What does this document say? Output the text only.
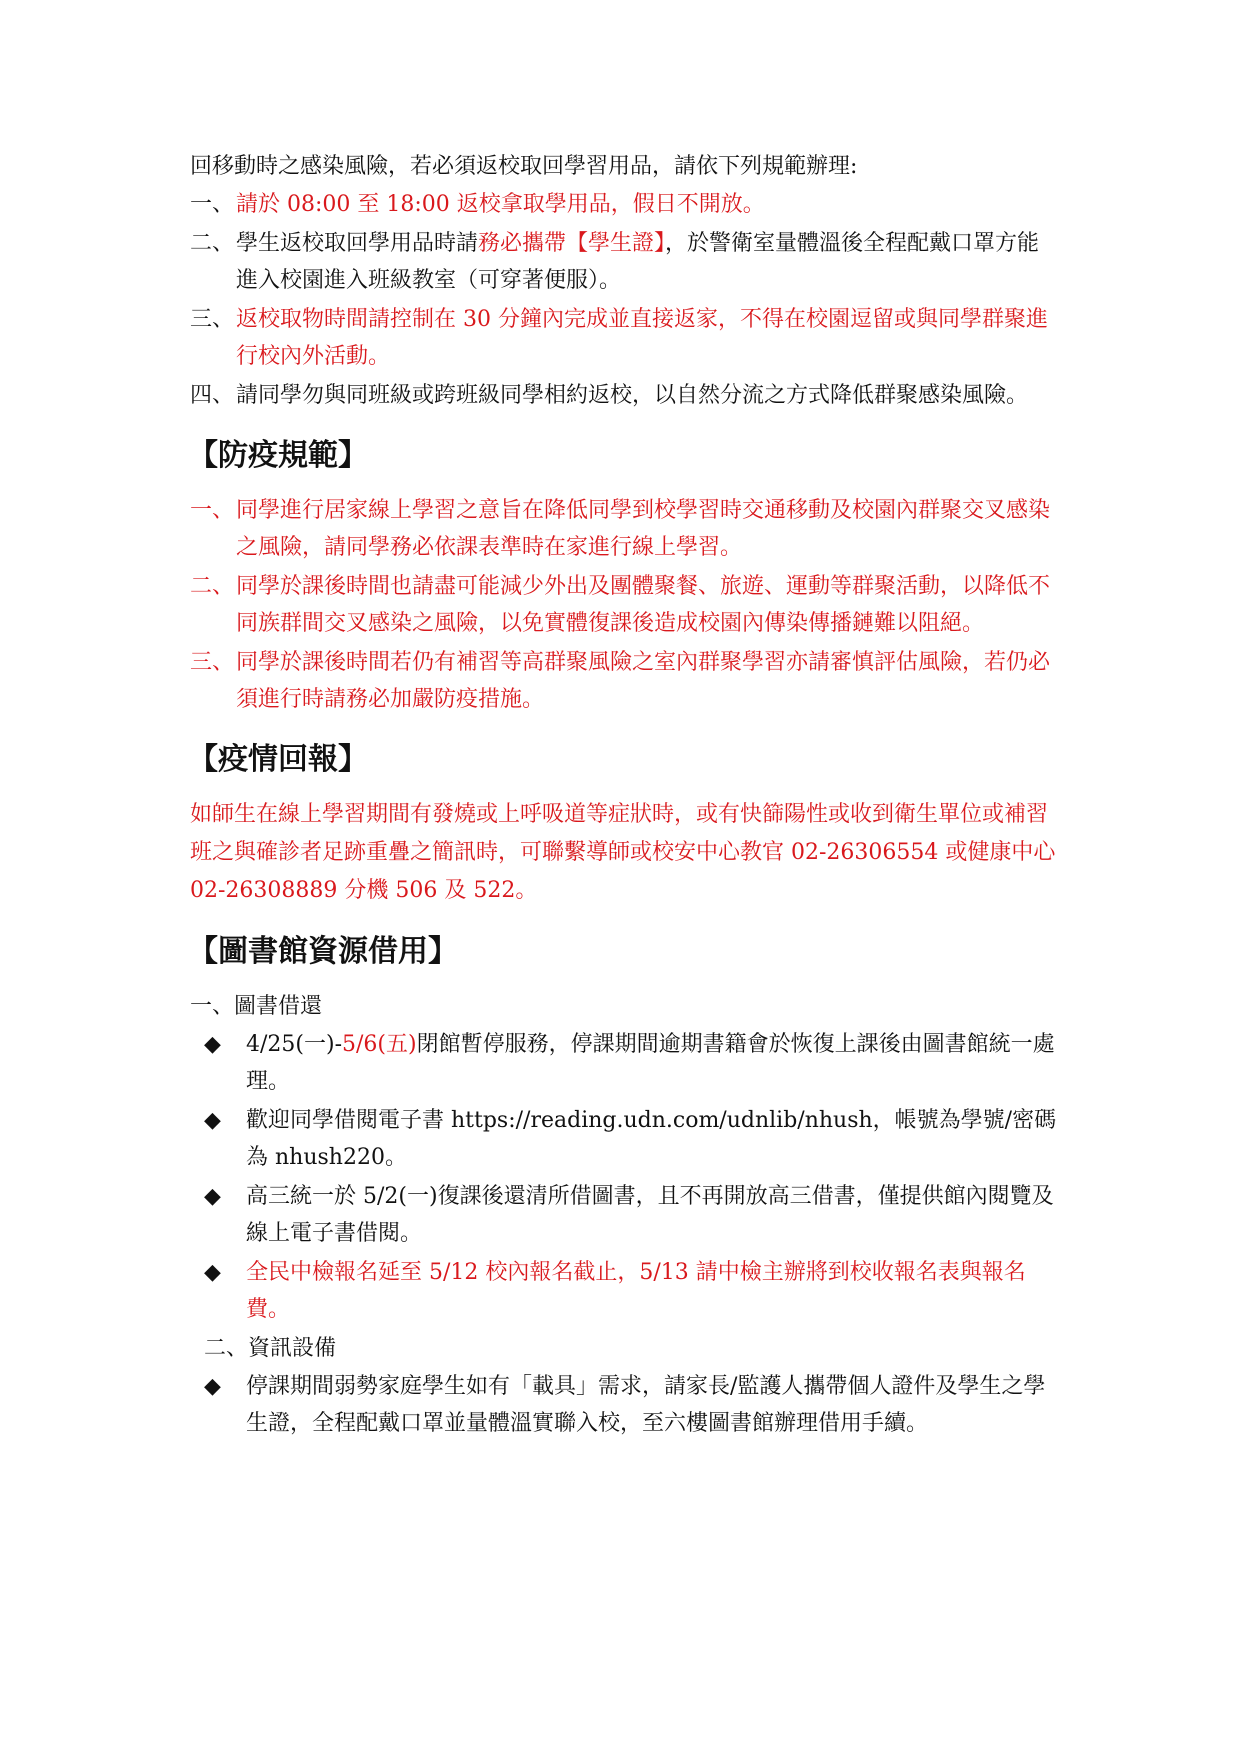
回移動時之感染風險，若必須返校取回學習用品，請依下列規範辦理:
一、 請於 08:00 至 18:00 返校拿取學用品，假日不開放。
二、 學生返校取回學用品時請務必攜帶【學生證】，於警衛室量體溫後全程配戴口罩方能進入校園進入班級教室（可穿著便服）。
三、 返校取物時間請控制在 30 分鐘內完成並直接返家，不得在校園逗留或與同學群聚進行校內外活動。
四、 請同學勿與同班級或跨班級同學相約返校，以自然分流之方式降低群聚感染風險。
【防疫規範】
一、 同學進行居家線上學習之意旨在降低同學到校學習時交通移動及校園內群聚交叉感染之風險，請同學務必依課表準時在家進行線上學習。
二、 同學於課後時間也請盡可能減少外出及團體聚餐、旅遊、運動等群聚活動，以降低不同族群間交叉感染之風險，以免實體復課後造成校園內傳染傳播鏈難以阻絕。
三、 同學於課後時間若仍有補習等高群聚風險之室內群聚學習亦請審慎評估風險，若仍必須進行時請務必加嚴防疫措施。
【疫情回報】
如師生在線上學習期間有發燒或上呼吸道等症狀時，或有快篩陽性或收到衛生單位或補習班之與確診者足跡重疊之簡訊時，可聯繫導師或校安中心教官 02-26306554 或健康中心 02-26308889 分機 506 及 522。
【圖書館資源借用】
一、圖書借還
◆ 4/25(一)-5/6(五)閉館暫停服務，停課期間逾期書籍會於恢復上課後由圖書館統一處理。
◆ 歡迎同學借閱電子書 https://reading.udn.com/udnlib/nhush，帳號為學號/密碼為 nhush220。
◆ 高三統一於 5/2(一)復課後還清所借圖書，且不再開放高三借書，僅提供館內閱覽及線上電子書借閱。
◆ 全民中檢報名延至 5/12 校內報名截止，5/13 請中檢主辦將到校收報名表與報名費。
二、資訊設備
◆ 停課期間弱勢家庭學生如有「載具」需求，請家長/監護人攜帶個人證件及學生之學生證，全程配戴口罩並量體溫實聯入校，至六樓圖書館辦理借用手續。
